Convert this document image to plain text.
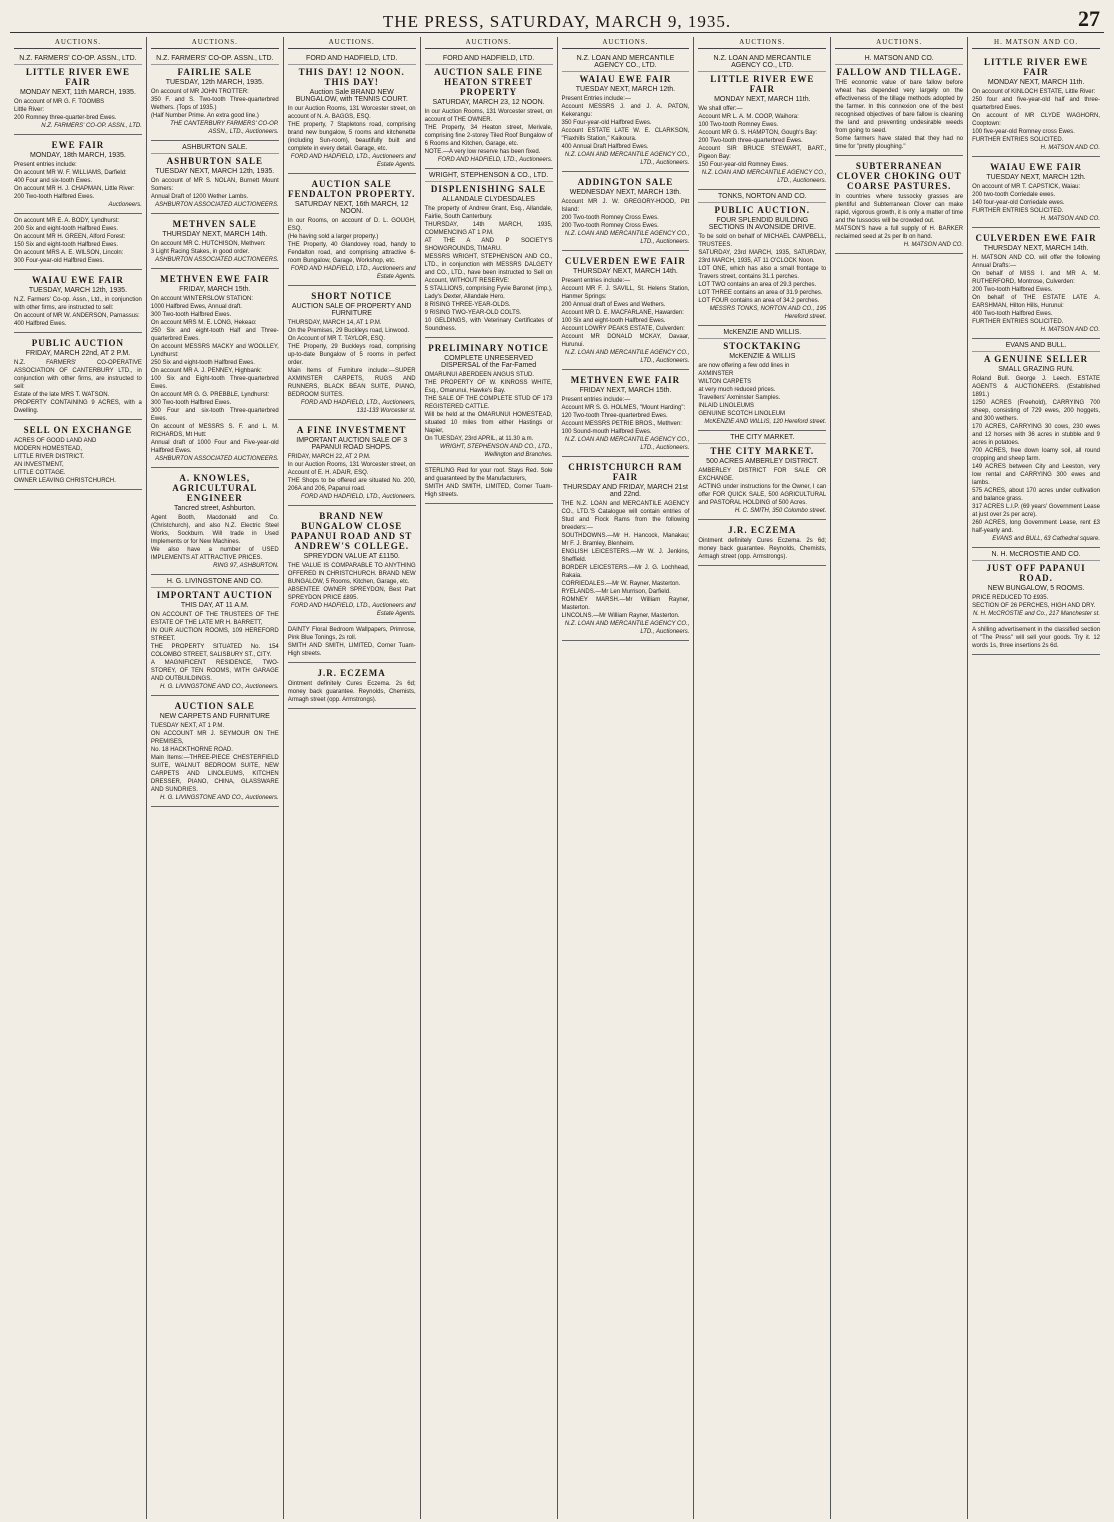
THE PRESS, SATURDAY, MARCH 9, 1935.	27
AUCTIONS.
N.Z. FARMERS' CO-OP. ASSN., LTD.
LITTLE RIVER EWE FAIR
MONDAY NEXT, 11th MARCH, 1935.
On account of MR G. F. TOOMBS
Little River:
200 Romney three-quarter-bred Ewes.
N.Z. FARMERS' CO-OP. ASSN., LTD.
EWE FAIR
MONDAY, 18th MARCH, 1935.
Present entries include:
On account MR W. F. WILLIAMS, Darfield:
400 Four and six-tooth Ewes.
On account MR H. J. CHAPMAN, Little River:
200 Two-tooth Halfbred Ewes.
Auctioneers.
On account MR E. A. BODY, Lyndhurst:
200 Six and eight-tooth Halfbred Ewes.
On account MR H. GREEN, Alford Forest:
150 Six and eight-tooth Halfbred Ewes.
On account MRS A. E. WILSON, Lincoln:
300 Four-year-old Halfbred Ewes.
WAIAU EWE FAIR
TUESDAY, MARCH 12th, 1935.
N.Z. Farmers' Co-op. Assn., Ltd., in conjunction with other firms, are instructed to sell:
On account of MR W. ANDERSON, Parnassus:
400 Halfbred Ewes.
PUBLIC AUCTION
FRIDAY, MARCH 22nd, AT 2 P.M.
N.Z. FARMERS' CO-OPERATIVE ASSOCIATION OF CANTERBURY LTD., in conjunction with other firms, are instructed to sell:
Estate of the late MRS T. WATSON.
PROPERTY CONTAINING 9 ACRES, with a Dwelling.
SELL ON EXCHANGE
ACRES OF GOOD LAND AND
MODERN HOMESTEAD,
LITTLE RIVER DISTRICT.
AN INVESTMENT,
LITTLE COTTAGE.
OWNER LEAVING CHRISTCHURCH.
AUCTIONS.
N.Z. FARMERS' CO-OP. ASSN., LTD.
FAIRLIE SALE
TUESDAY, 12th MARCH, 1935.
On account of MR JOHN TROTTER:
350 F. and S. Two-tooth Three-quarterbred Wethers. (Tops of 1935.)
(Half Number Prime. An extra good line.)
THE CANTERBURY FARMERS' CO-OP. ASSN., LTD., Auctioneers.
ASHBURTON SALE.
ASHBURTON SALE
TUESDAY NEXT, MARCH 12th, 1935.
On account of MR S. NOLAN, Burnett Mount Somers:
Annual Draft of 1200 Wether Lambs.
ASHBURTON ASSOCIATED AUCTIONEERS.
METHVEN SALE
THURSDAY NEXT, MARCH 14th.
On account MR C. HUTCHISON, Methven:
3 Light Racing Stakes, in good order.
ASHBURTON ASSOCIATED AUCTIONEERS.
METHVEN EWE FAIR
FRIDAY, MARCH 15th.
On account WINTERSLOW STATION:
1000 Halfbred Ewes, Annual draft.
300 Two-tooth Halfbred Ewes.
On account MRS M. E. LONG, Hekeao:
250 Six and eight-tooth Half and Three-quarterbred Ewes.
On account MESSRS MACKY and WOOLLEY, Lyndhurst:
250 Six and eight-tooth Halfbred Ewes.
On account MR A. J. PENNEY, Highbank:
100 Six and Eight-tooth Three-quarterbred Ewes.
On account MR G. G. PREBBLE, Lyndhurst:
300 Two-tooth Halfbred Ewes.
300 Four and six-tooth Three-quarterbred Ewes.
On account of MESSRS S. F. and L. M. RICHARDS, Mt Hutt:
Annual draft of 1000 Four and Five-year-old Halfbred Ewes.
ASHBURTON ASSOCIATED AUCTIONEERS.
A. KNOWLES, AGRICULTURAL ENGINEER
Tancred street, Ashburton.
Agent Booth, Macdonald and Co. (Christchurch), and also N.Z. Electric Steel Works, Sockburn. Will trade in Used Implements or for New Machines.
We also have a number of USED IMPLEMENTS AT ATTRACTIVE PRICES.
RING 97, ASHBURTON.
H. G. LIVINGSTONE AND CO.
IMPORTANT AUCTION
THIS DAY, AT 11 A.M.
ON ACCOUNT OF THE TRUSTEES OF THE ESTATE OF THE LATE MR H. BARRETT,
IN OUR AUCTION ROOMS, 109 HEREFORD STREET.
THE PROPERTY SITUATED No. 154 COLOMBO STREET, SALISBURY ST., CITY.
A MAGNIFICENT RESIDENCE, TWO-STOREY, OF TEN ROOMS, WITH GARAGE AND OUTBUILDINGS.
H. G. LIVINGSTONE AND CO., Auctioneers.
AUCTION SALE
NEW CARPETS AND FURNITURE
TUESDAY NEXT, AT 1 P.M.
ON ACCOUNT MR J. SEYMOUR ON THE PREMISES,
No. 18 HACKTHORNE ROAD.
Main Items:—THREE-PIECE CHESTERFIELD SUITE, WALNUT BEDROOM SUITE, NEW CARPETS AND LINOLEUMS, KITCHEN DRESSER, PIANO, CHINA, GLASSWARE AND SUNDRIES.
H. G. LIVINGSTONE AND CO., Auctioneers.
AUCTIONS.
FORD AND HADFIELD, LTD.
THIS DAY! 12 NOON. THIS DAY!
Auction Sale BRAND NEW BUNGALOW, with TENNIS COURT.
In our Auction Rooms, 131 Worcester street, on account of N. A. BAGGS, ESQ.
THE property, 7 Stapletons road, comprising brand new bungalow, 5 rooms and kitchenette (including Sun-room), beautifully built and complete in every detail. Garage, etc.
FORD AND HADFIELD, LTD., Auctioneers and Estate Agents.
AUCTION SALE FENDALTON PROPERTY.
SATURDAY NEXT, 16th MARCH, 12 NOON.
In our Rooms, on account of D. L. GOUGH, ESQ.
(He having sold a larger property.)
THE Property, 40 Glandovey road, handy to Fendalton road, and comprising attractive 6-room Bungalow, Garage, Workshop, etc.
FORD AND HADFIELD, LTD., Auctioneers and Estate Agents.
SHORT NOTICE
AUCTION SALE OF PROPERTY AND FURNITURE
THURSDAY, MARCH 14, AT 1 P.M.
On the Premises, 29 Buckleys road, Linwood.
On Account of MR T. TAYLOR, ESQ.
THE Property, 29 Buckleys road, comprising up-to-date Bungalow of 5 rooms in perfect order.
Main Items of Furniture include:—SUPER AXMINSTER CARPETS, RUGS AND RUNNERS, BLACK BEAN SUITE, PIANO, BEDROOM SUITES.
FORD AND HADFIELD, LTD., Auctioneers, 131-133 Worcester st.
A FINE INVESTMENT
IMPORTANT AUCTION SALE OF 3 PAPANUI ROAD SHOPS.
FRIDAY, MARCH 22, AT 2 P.M.
In our Auction Rooms, 131 Worcester street, on Account of E. H. ADAIR, ESQ.
THE Shops to be offered are situated No. 200, 206A and 206, Papanui road.
FORD AND HADFIELD, LTD., Auctioneers.
BRAND NEW BUNGALOW CLOSE PAPANUI ROAD AND ST ANDREW'S COLLEGE.
SPREYDON VALUE AT £1150.
THE VALUE IS COMPARABLE TO ANYTHING OFFERED IN CHRISTCHURCH. BRAND NEW BUNGALOW, 5 Rooms, Kitchen, Garage, etc.
ABSENTEE OWNER SPREYDON, Best Part SPREYDON PRICE £895.
FORD AND HADFIELD, LTD., Auctioneers and Estate Agents.
DAINTY Floral Bedroom Wallpapers, Primrose, Pink Blue Tonings, 2s roll.
SMITH AND SMITH, LIMITED, Corner Tuam-High streets.
J.R. ECZEMA
Ointment definitely Cures Eczema. 2s 6d; money back guarantee. Reynolds, Chemists, Armagh street (opp. Armstrongs).
AUCTIONS.
FORD AND HADFIELD, LTD.
AUCTION SALE FINE HEATON STREET PROPERTY
SATURDAY, MARCH 23, 12 NOON.
In our Auction Rooms, 131 Worcester street, on account of THE OWNER.
THE Property, 34 Heaton street, Merivale, comprising fine 2-storey Tiled Roof Bungalow of 6 Rooms and Kitchen, Garage, etc.
NOTE.—A very low reserve has been fixed.
FORD AND HADFIELD, LTD., Auctioneers.
WRIGHT, STEPHENSON & CO., LTD.
DISPLENISHING SALE
ALLANDALE CLYDESDALES
The property of Andrew Grant, Esq., Allandale, Fairlie, South Canterbury.
THURSDAY, 14th MARCH, 1935, COMMENCING AT 1 P.M.
AT THE A AND P SOCIETY'S SHOWGROUNDS, TIMARU.
MESSRS WRIGHT, STEPHENSON AND CO., LTD., in conjunction with MESSRS DALGETY and CO., LTD., have been instructed to Sell on Account, WITHOUT RESERVE:
5 STALLIONS, comprising Fyvie Baronet (imp.), Lady's Dexter, Allandale Hero.
8 RISING THREE-YEAR-OLDS.
9 RISING TWO-YEAR-OLD COLTS.
10 GELDINGS, with Veterinary Certificates of Soundness.
PRELIMINARY NOTICE
COMPLETE UNRESERVED DISPERSAL of the Far-Famed
OMARUNUI ABERDEEN ANGUS STUD.
THE PROPERTY OF W. KINROSS WHITE, Esq., Omarunui, Hawke's Bay.
THE SALE OF THE COMPLETE STUD OF 173 REGISTERED CATTLE.
Will be held at the OMARUNUI HOMESTEAD, situated 10 miles from either Hastings or Napier,
On TUESDAY, 23rd APRIL, at 11.30 a.m.
WRIGHT, STEPHENSON AND CO., LTD., Wellington and Branches.
STERLING Red for your roof. Stays Red. Sole and guaranteed by the Manufacturers,
SMITH AND SMITH, LIMITED, Corner Tuam-High streets.
AUCTIONS.
N.Z. LOAN AND MERCANTILE AGENCY CO., LTD.
WAIAU EWE FAIR
TUESDAY NEXT, MARCH 12th.
Present Entries include:—
Account MESSRS J. and J. A. PATON, Kekerangu:
350 Four-year-old Halfbred Ewes.
Account ESTATE LATE W. E. CLARKSON, "Flaxhills Station," Kaikoura.
400 Annual Draft Halfbred Ewes.
N.Z. LOAN AND MERCANTILE AGENCY CO., LTD., Auctioneers.
ADDINGTON SALE
WEDNESDAY NEXT, MARCH 13th.
Account MR J. W. GREGORY-HOOD, Pitt Island:
200 Two-tooth Romney Cross Ewes.
200 Two-tooth Romney Cross Ewes.
N.Z. LOAN AND MERCANTILE AGENCY CO., LTD., Auctioneers.
CULVERDEN EWE FAIR
THURSDAY NEXT, MARCH 14th.
Present entries include:—
Account MR F. J. SAVILL, St. Helens Station, Hanmer Springs:
200 Annual draft of Ewes and Wethers.
Account MR D. E. MACFARLANE, Hawarden:
100 Six and eight-tooth Halfbred Ewes.
Account LOWRY PEAKS ESTATE, Culverden:
Account MR DONALD MCKAY, Davaar, Hurunui.
N.Z. LOAN AND MERCANTILE AGENCY CO., LTD., Auctioneers.
METHVEN EWE FAIR
FRIDAY NEXT, MARCH 15th.
Present entries include:—
Account MR S. G. HOLMES, "Mount Harding":
120 Two-tooth Three-quarterbred Ewes.
Account MESSRS PETRIE BROS., Methven:
100 Sound-mouth Halfbred Ewes.
N.Z. LOAN AND MERCANTILE AGENCY CO., LTD., Auctioneers.
CHRISTCHURCH RAM FAIR
THURSDAY AND FRIDAY, MARCH 21st and 22nd.
THE N.Z. LOAN and MERCANTILE AGENCY CO., LTD.'S Catalogue will contain entries of Stud and Flock Rams from the following breeders:—
SOUTHDOWNS.—Mr H. Hancock, Manakau; Mr F. J. Bramley, Blenheim.
ENGLISH LEICESTERS.—Mr W. J. Jenkins, Sheffield.
BORDER LEICESTERS.—Mr J. G. Lochhead, Rakaia.
CORRIEDALES.—Mr W. Rayner, Masterton.
RYELANDS.—Mr Len Murrison, Darfield.
ROMNEY MARSH.—Mr William Rayner, Masterton.
LINCOLNS.—Mr William Rayner, Masterton.
N.Z. LOAN AND MERCANTILE AGENCY CO., LTD., Auctioneers.
AUCTIONS.
N.Z. LOAN AND MERCANTILE AGENCY CO., LTD.
LITTLE RIVER EWE FAIR
MONDAY NEXT, MARCH 11th.
We shall offer:—
Account MR L. A. M. COOP, Waihora:
100 Two-tooth Romney Ewes.
Account MR G. S. HAMPTON, Gough's Bay:
200 Two-tooth three-quarterbred Ewes.
Account SIR BRUCE STEWART, BART., Pigeon Bay:
150 Four-year-old Romney Ewes.
N.Z. LOAN AND MERCANTILE AGENCY CO., LTD., Auctioneers.
TONKS, NORTON AND CO.
PUBLIC AUCTION.
FOUR SPLENDID BUILDING SECTIONS IN AVONSIDE DRIVE.
To be sold on behalf of MICHAEL CAMPBELL, TRUSTEES.
SATURDAY, 23rd MARCH, 1935, SATURDAY, 23rd MARCH, 1935, AT 11 O'CLOCK Noon.
LOT ONE, which has also a small frontage to Travers street, contains 31.1 perches.
LOT TWO contains an area of 29.3 perches.
LOT THREE contains an area of 31.9 perches.
LOT FOUR contains an area of 34.2 perches.
MESSRS TONKS, NORTON AND CO., 195 Hereford street.
McKENZIE AND WILLIS.
STOCKTAKING
McKENZIE & WILLIS
are now offering a few odd lines in
AXMINSTER
WILTON CARPETS
at very much reduced prices.
Travellers' Axminster Samples.
INLAID LINOLEUMS
GENUINE SCOTCH LINOLEUM
McKENZIE AND WILLIS, 120 Hereford street.
THE CITY MARKET.
THE CITY MARKET.
500 ACRES AMBERLEY DISTRICT.
AMBERLEY DISTRICT FOR SALE OR EXCHANGE.
ACTING under instructions for the Owner, I can offer FOR QUICK SALE, 500 AGRICULTURAL and PASTORAL HOLDING of 500 Acres.
H. C. SMITH, 350 Colombo street.
J.R. ECZEMA
Ointment definitely Cures Eczema. 2s 6d; money back guarantee. Reynolds, Chemists, Armagh street (opp. Armstrongs).
AUCTIONS.
H. MATSON AND CO.
FALLOW AND TILLAGE.
THE economic value of bare fallow before wheat has depended very largely on the effectiveness of the tillage methods adopted by the farmer. In this connexion one of the best recognised objectives of bare fallow is cleaning the land and preventing undesirable weeds from going to seed.
Some farmers have stated that they had no time for "pretty ploughing."
SUBTERRANEAN CLOVER CHOKING OUT COARSE PASTURES.
In countries where tussocky grasses are plentiful and Subterranean Clover can make rapid, vigorous growth, it is only a matter of time and the tussocks will be crowded out.
MATSON'S have a full supply of H. BARKER reclaimed seed at 2s per lb on hand.
H. MATSON AND CO.
H. MATSON AND CO.
LITTLE RIVER EWE FAIR
MONDAY NEXT, MARCH 11th.
On account of KINLOCH ESTATE, Little River:
250 four and five-year-old half and three-quarterbred Ewes.
On account of MR CLYDE WAGHORN, Cooptown:
100 five-year-old Romney cross Ewes.
FURTHER ENTRIES SOLICITED.
H. MATSON AND CO.
WAIAU EWE FAIR
TUESDAY NEXT, MARCH 12th.
On account of MR T. CAPSTICK, Waiau:
200 two-tooth Corriedale ewes.
140 four-year-old Corriedale ewes.
FURTHER ENTRIES SOLICITED.
H. MATSON AND CO.
CULVERDEN EWE FAIR
THURSDAY NEXT, MARCH 14th.
H. MATSON AND CO. will offer the following Annual Drafts:—
On behalf of MISS I. and MR A. M. RUTHERFORD, Montrose, Culverden:
200 Two-tooth Halfbred Ewes.
On behalf of THE ESTATE LATE A. EARSHMAN, Hilton Hills, Hurunui:
400 Two-tooth Halfbred Ewes.
FURTHER ENTRIES SOLICITED.
H. MATSON AND CO.
EVANS AND BULL.
A GENUINE SELLER
SMALL GRAZING RUN.
Roland Bull. George J. Leech. ESTATE AGENTS & AUCTIONEERS. (Established 1891.)
1250 ACRES (Freehold), CARRYING 700 sheep, consisting of 729 ewes, 200 hoggets, and 300 wethers.
170 ACRES, CARRYING 30 cows, 230 ewes and 12 horses with 36 acres in stubble and 9 acres in potatoes.
700 ACRES, free down loamy soil, all round cropping and sheep farm.
149 ACRES between City and Leeston, very low rental and CARRYING 300 ewes and lambs.
575 ACRES, about 170 acres under cultivation and balance grass.
317 ACRES L.I.P. (69 years' Government Lease at just over 2s per acre).
260 ACRES, long Government Lease, rent £3 half-yearly and.
EVANS and BULL, 63 Cathedral square.
N. H. McCROSTIE AND CO.
JUST OFF PAPANUI ROAD.
NEW BUNGALOW, 5 ROOMS.
PRICE REDUCED TO £935.
SECTION OF 26 PERCHES, HIGH AND DRY.
N. H. McCROSTIE and Co., 217 Manchester st.
A shilling advertisement in the classified section of "The Press" will sell your goods. Try it. 12 words 1s, three insertions 2s 6d.
